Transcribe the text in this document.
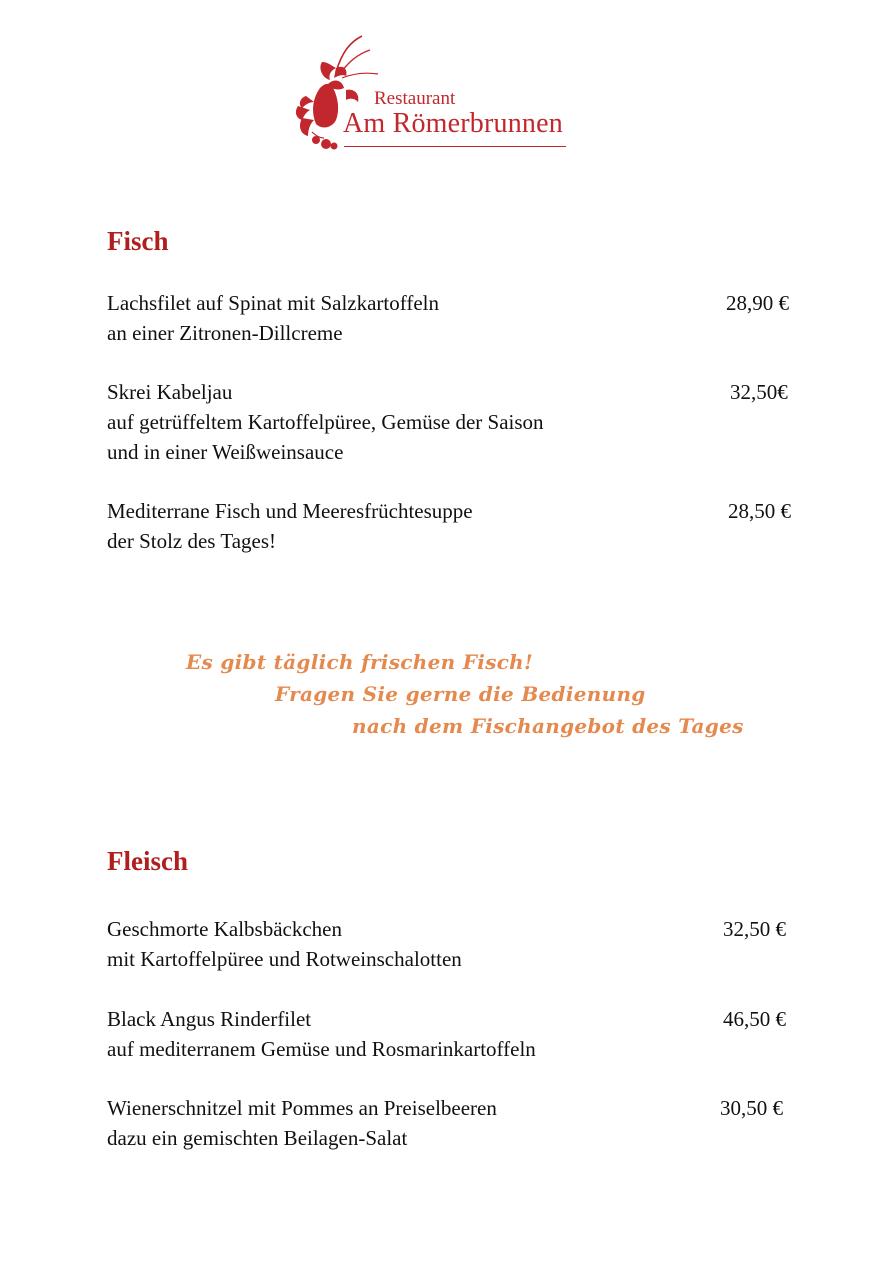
Restaurant
Am Römerbrunnen
Fisch
Lachsfilet auf Spinat mit Salzkartoffeln
an einer Zitronen-Dillcreme
28,90 €
Skrei Kabeljau
auf getrüffeltem Kartoffelpüree, Gemüse der Saison
und in einer Weißweinsauce
32,50€
Mediterrane Fisch und Meeresfrüchtesuppe
der Stolz des Tages!
28,50 €
Es gibt täglich frischen Fisch!
Fragen Sie gerne die Bedienung
nach dem Fischangebot des Tages
Fleisch
Geschmorte Kalbsbäckchen
mit Kartoffelpüree und Rotweinschalotten
32,50 €
Black Angus Rinderfilet
auf mediterranem Gemüse und Rosmarinkartoffeln
46,50 €
Wienerschnitzel mit Pommes an Preiselbeeren
dazu ein gemischten Beilagen-Salat
30,50 €
